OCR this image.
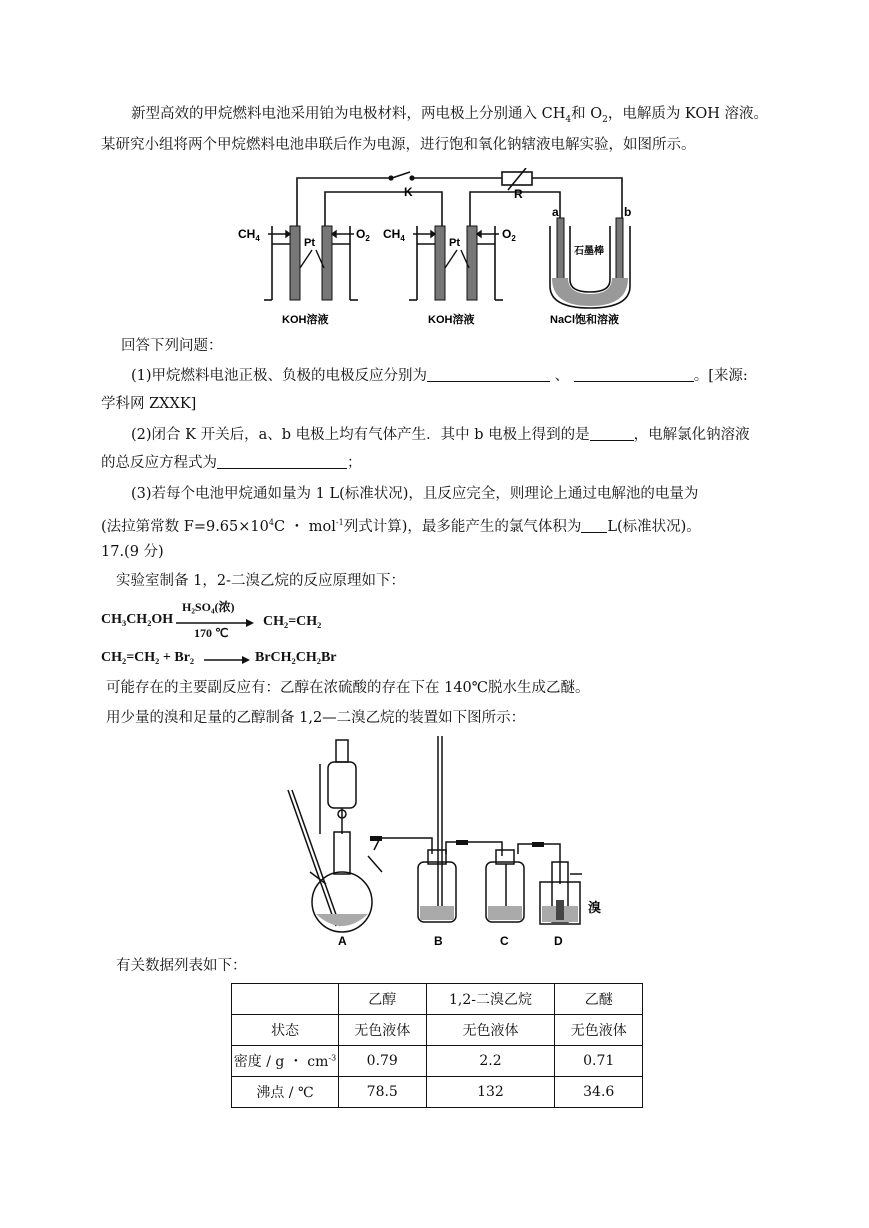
新型高效的甲烷燃料电池采用铂为电极材料，两电极上分别通入 $CH_4$和 $O_2$，电解质为 KOH 溶液。
某研究小组将两个甲烷燃料电池串联后作为电源，进行饱和氧化钠辖液电解实验，如图所示。
K	R
$CH_4$	$O_2$ $CH_4$	$O_2$
Pt	Pt
a	b
石墨棒
KOH溶液	KOH溶液	NaCl饱和溶液
回答下列问题：
(1)甲烷燃料电池正极、负极的电极反应分别为	、	。[来源:
学科网 ZXXK]
(2)闭合 K 开关后，a、b 电极上均有气体产生．其中 b 电极上得到的是	，电解氯化钠溶液
的总反应方程式为	；
(3)若每个电池甲烷通如量为 1 L(标准状况)，且反应完全，则理论上通过电解池的电量为
(法拉第常数 $F=9.65\times 10^4C$ ・ mol$^{-1}$列式计算)，最多能产生的氯气体积为 L(标准状况)。
17.(9 分)
实验室制备 1，2-二溴乙烷的反应原理如下：
CH₃CH₂OH
H₂SO₄(浓)
170 ℃
CH₂=CH₂
CH₂=CH₂ + Br₂ → BrCH₂CH₂Br
可能存在的主要副反应有：乙醇在浓硫酸的存在下在 140℃脱水生成乙醚。
用少量的溴和足量的乙醇制备 1,2—二溴乙烷的装置如下图所示：
溴
A	B	C	D
有关数据列表如下：
	乙醇	1,2-二溴乙烷	乙醚
状态	无色液体	无色液体	无色液体
密度 / g ・ $cm^{-3}$	0.79	2.2	0.71
沸点 / ℃	78.5	132	34.6
